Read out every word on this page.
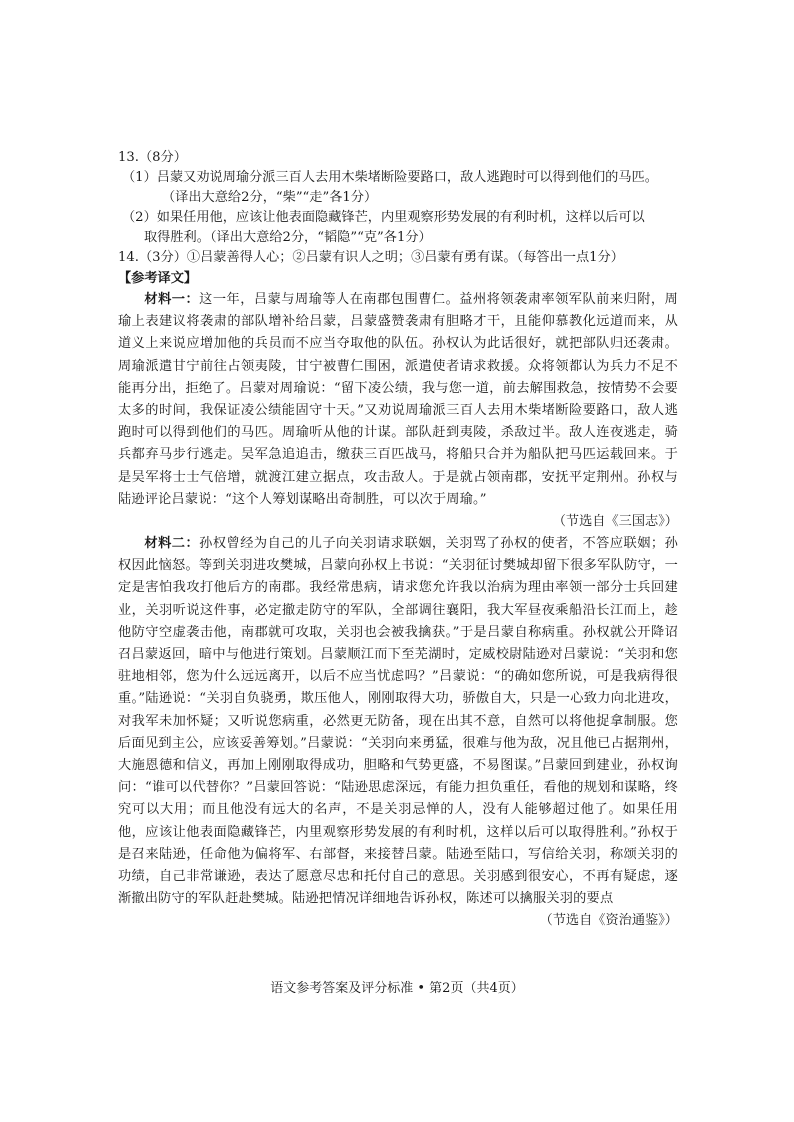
13.（8分）

（1）吕蒙又劝说周瑜分派三百人去用木柴堵断险要路口，敌人逃跑时可以得到他们的马匹。

（译出大意给2分，“柴”“走”各1分）

（2）如果任用他，应该让他表面隐藏锋芒，内里观察形势发展的有利时机，这样以后可以

取得胜利。（译出大意给2分，“韬隐”“克”各1分）

14.（3分）①吕蒙善得人心；②吕蒙有识人之明；③吕蒙有勇有谋。（每答出一点1分）

【参考译文】

材料一：这一年，吕蒙与周瑜等人在南郡包围曹仁。益州将领袭肃率领军队前来归附，周瑜上表建议将袭肃的部队增补给吕蒙，吕蒙盛赞袭肃有胆略才干，且能仰慕教化远道而来，从道义上来说应增加他的兵员而不应当夺取他的队伍。孙权认为此话很好，就把部队归还袭肃。周瑜派遣甘宁前往占领夷陵，甘宁被曹仁围困，派遣使者请求救援。众将领都认为兵力不足不能再分出，拒绝了。吕蒙对周瑜说：“留下凌公绩，我与您一道，前去解围救急，按情势不会要太多的时间，我保证凌公绩能固守十天。”又劝说周瑜派三百人去用木柴堵断险要路口，敌人逃跑时可以得到他们的马匹。周瑜听从他的计谋。部队赶到夷陵，杀敌过半。敌人连夜逃走，骑兵都弃马步行逃走。吴军急追追击，缴获三百匹战马，将船只合并为船队把马匹运载回来。于是吴军将士士气倍增，就渡江建立据点，攻击敌人。于是就占领南郡，安抚平定荆州。孙权与陆逊评论吕蒙说：“这个人筹划谋略出奇制胜，可以次于周瑜。”

（节选自《三国志》）

材料二：孙权曾经为自己的儿子向关羽请求联姻，关羽骂了孙权的使者，不答应联姻；孙权因此恼怒。等到关羽进攻樊城，吕蒙向孙权上书说：“关羽征讨樊城却留下很多军队防守，一定是害怕我攻打他后方的南郡。我经常患病，请求您允许我以治病为理由率领一部分士兵回建业，关羽听说这件事，必定撤走防守的军队，全部调往襄阳，我大军昼夜乘船沿长江而上，趁他防守空虚袭击他，南郡就可攻取，关羽也会被我擒获。”于是吕蒙自称病重。孙权就公开降诏召吕蒙返回，暗中与他进行策划。吕蒙顺江而下至芜湖时，定威校尉陆逊对吕蒙说：“关羽和您驻地相邻，您为什么远远离开，以后不应当忧虑吗？”吕蒙说：“的确如您所说，可是我病得很重。”陆逊说：“关羽自负骁勇，欺压他人，刚刚取得大功，骄傲自大，只是一心致力向北进攻，对我军未加怀疑；又听说您病重，必然更无防备，现在出其不意，自然可以将他捉拿制服。您后面见到主公，应该妥善筹划。”吕蒙说：“关羽向来勇猛，很难与他为敌，况且他已占据荆州，大施恩德和信义，再加上刚刚取得成功，胆略和气势更盛，不易图谋。”吕蒙回到建业，孙权询问：“谁可以代替你？”吕蒙回答说：“陆逊思虑深远，有能力担负重任，看他的规划和谋略，终究可以大用；而且他没有远大的名声，不是关羽忌惮的人，没有人能够超过他了。如果任用他，应该让他表面隐藏锋芒，内里观察形势发展的有利时机，这样以后可以取得胜利。”孙权于是召来陆逊，任命他为偏将军、右部督，来接替吕蒙。陆逊至陆口，写信给关羽，称颂关羽的功绩，自己非常谦逊，表达了愿意尽忠和托付自己的意思。关羽感到很安心，不再有疑虑，逐渐撤出防守的军队赶赴樊城。陆逊把情况详细地告诉孙权，陈述可以擒服关羽的要点

（节选自《资治通鉴》）

语文参考答案及评分标准 • 第2页（共4页）
